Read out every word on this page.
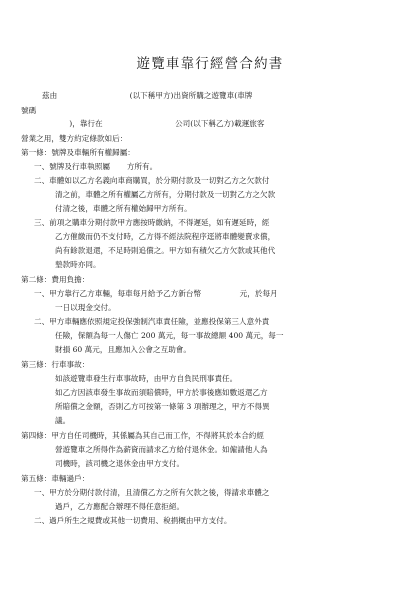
遊覽車靠行經營合約書
茲由                              (以下稱甲方)出資所購之遊覽車(車牌
號碼
)，靠行在                              公司(以下稱乙方)載運旅客
營業之用，雙方約定條款如后：
第一條：號牌及車輛所有權歸屬：
一、號牌及行車執照屬       方所有。
二、車體如以乙方名義向車商購買，於分期付款及一切對乙方之欠款付
清之前，車體之所有權屬乙方所有，分期付款及一切對乙方之欠款
付清之後，車體之所有權始歸甲方所有。
三、前項之購車分期付款甲方應按時繳納，不得遲延，如有遲延時，經
乙方催繳而仍不支付時，乙方得不經法院程序逕將車體變賣求償，
尚有餘款退還，不足時則追償之。甲方如有積欠乙方欠款或其他代
墊款時亦同。
第二條：費用負擔：
一、甲方靠行乙方車輛，每車每月給予乙方新台幣                元，於每月
一日以現金交付。
二、甲方車輛應依照規定投保強制汽車責任險，並應投保第三人意外責
任險，保額為每一人傷亡 200 萬元，每一事故總額 400 萬元，每一
財損 60 萬元，且應加入公會之互助會。
第三條：行車事故：
如該遊覽車發生行車事故時，由甲方自負民刑事責任。
如乙方因該車發生事故而須賠償時，甲方於事後應如數返還乙方
所賠償之金額，否則乙方可按第一條第 3 項辦理之，甲方不得異
議。
第四條：甲方自任司機時，其係屬為其自己而工作，不得將其於本合約經
營遊覽車之所得作為薪資而請求乙方給付退休金。如僱請他人為
司機時，該司機之退休金由甲方支付。
第五條：車輛過戶：
一、甲方於分期付款付清，且清償乙方之所有欠款之後，得請求車體之
過戶，乙方應配合辦理不得任意拒絕。
二、過戶所生之規費或其他一切費用、稅捐概由甲方支付。
